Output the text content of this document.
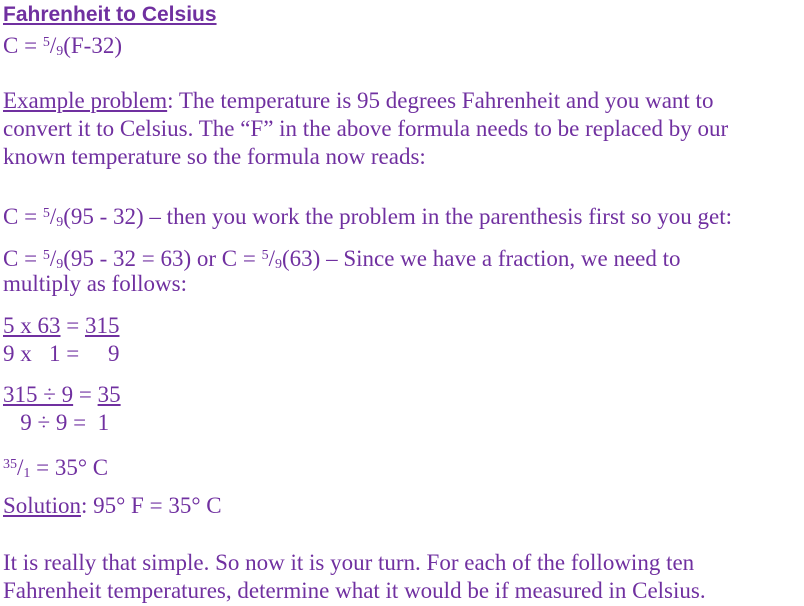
Fahrenheit to Celsius
$C = ^5/_9(F-32)$
Example problem: The temperature is 95 degrees Fahrenheit and you want to
convert it to Celsius. The “F” in the above formula needs to be replaced by our
known temperature so the formula now reads:
$C = ^5/_9(95 - 32)$ – then you work the problem in the parenthesis first so you get:
$C = ^5/_9(95 - 32 = 63)$ or $C = ^5/_9(63)$ – Since we have a fraction, we need to
multiply as follows:
5 x 63 = 315
9 x   1 =     9
315 ÷ 9 = 35
9 ÷ 9 =  1
$^{35}/_1 = 35^\circ$ C
Solution: 95° F = 35° C
It is really that simple. So now it is your turn. For each of the following ten
Fahrenheit temperatures, determine what it would be if measured in Celsius.
